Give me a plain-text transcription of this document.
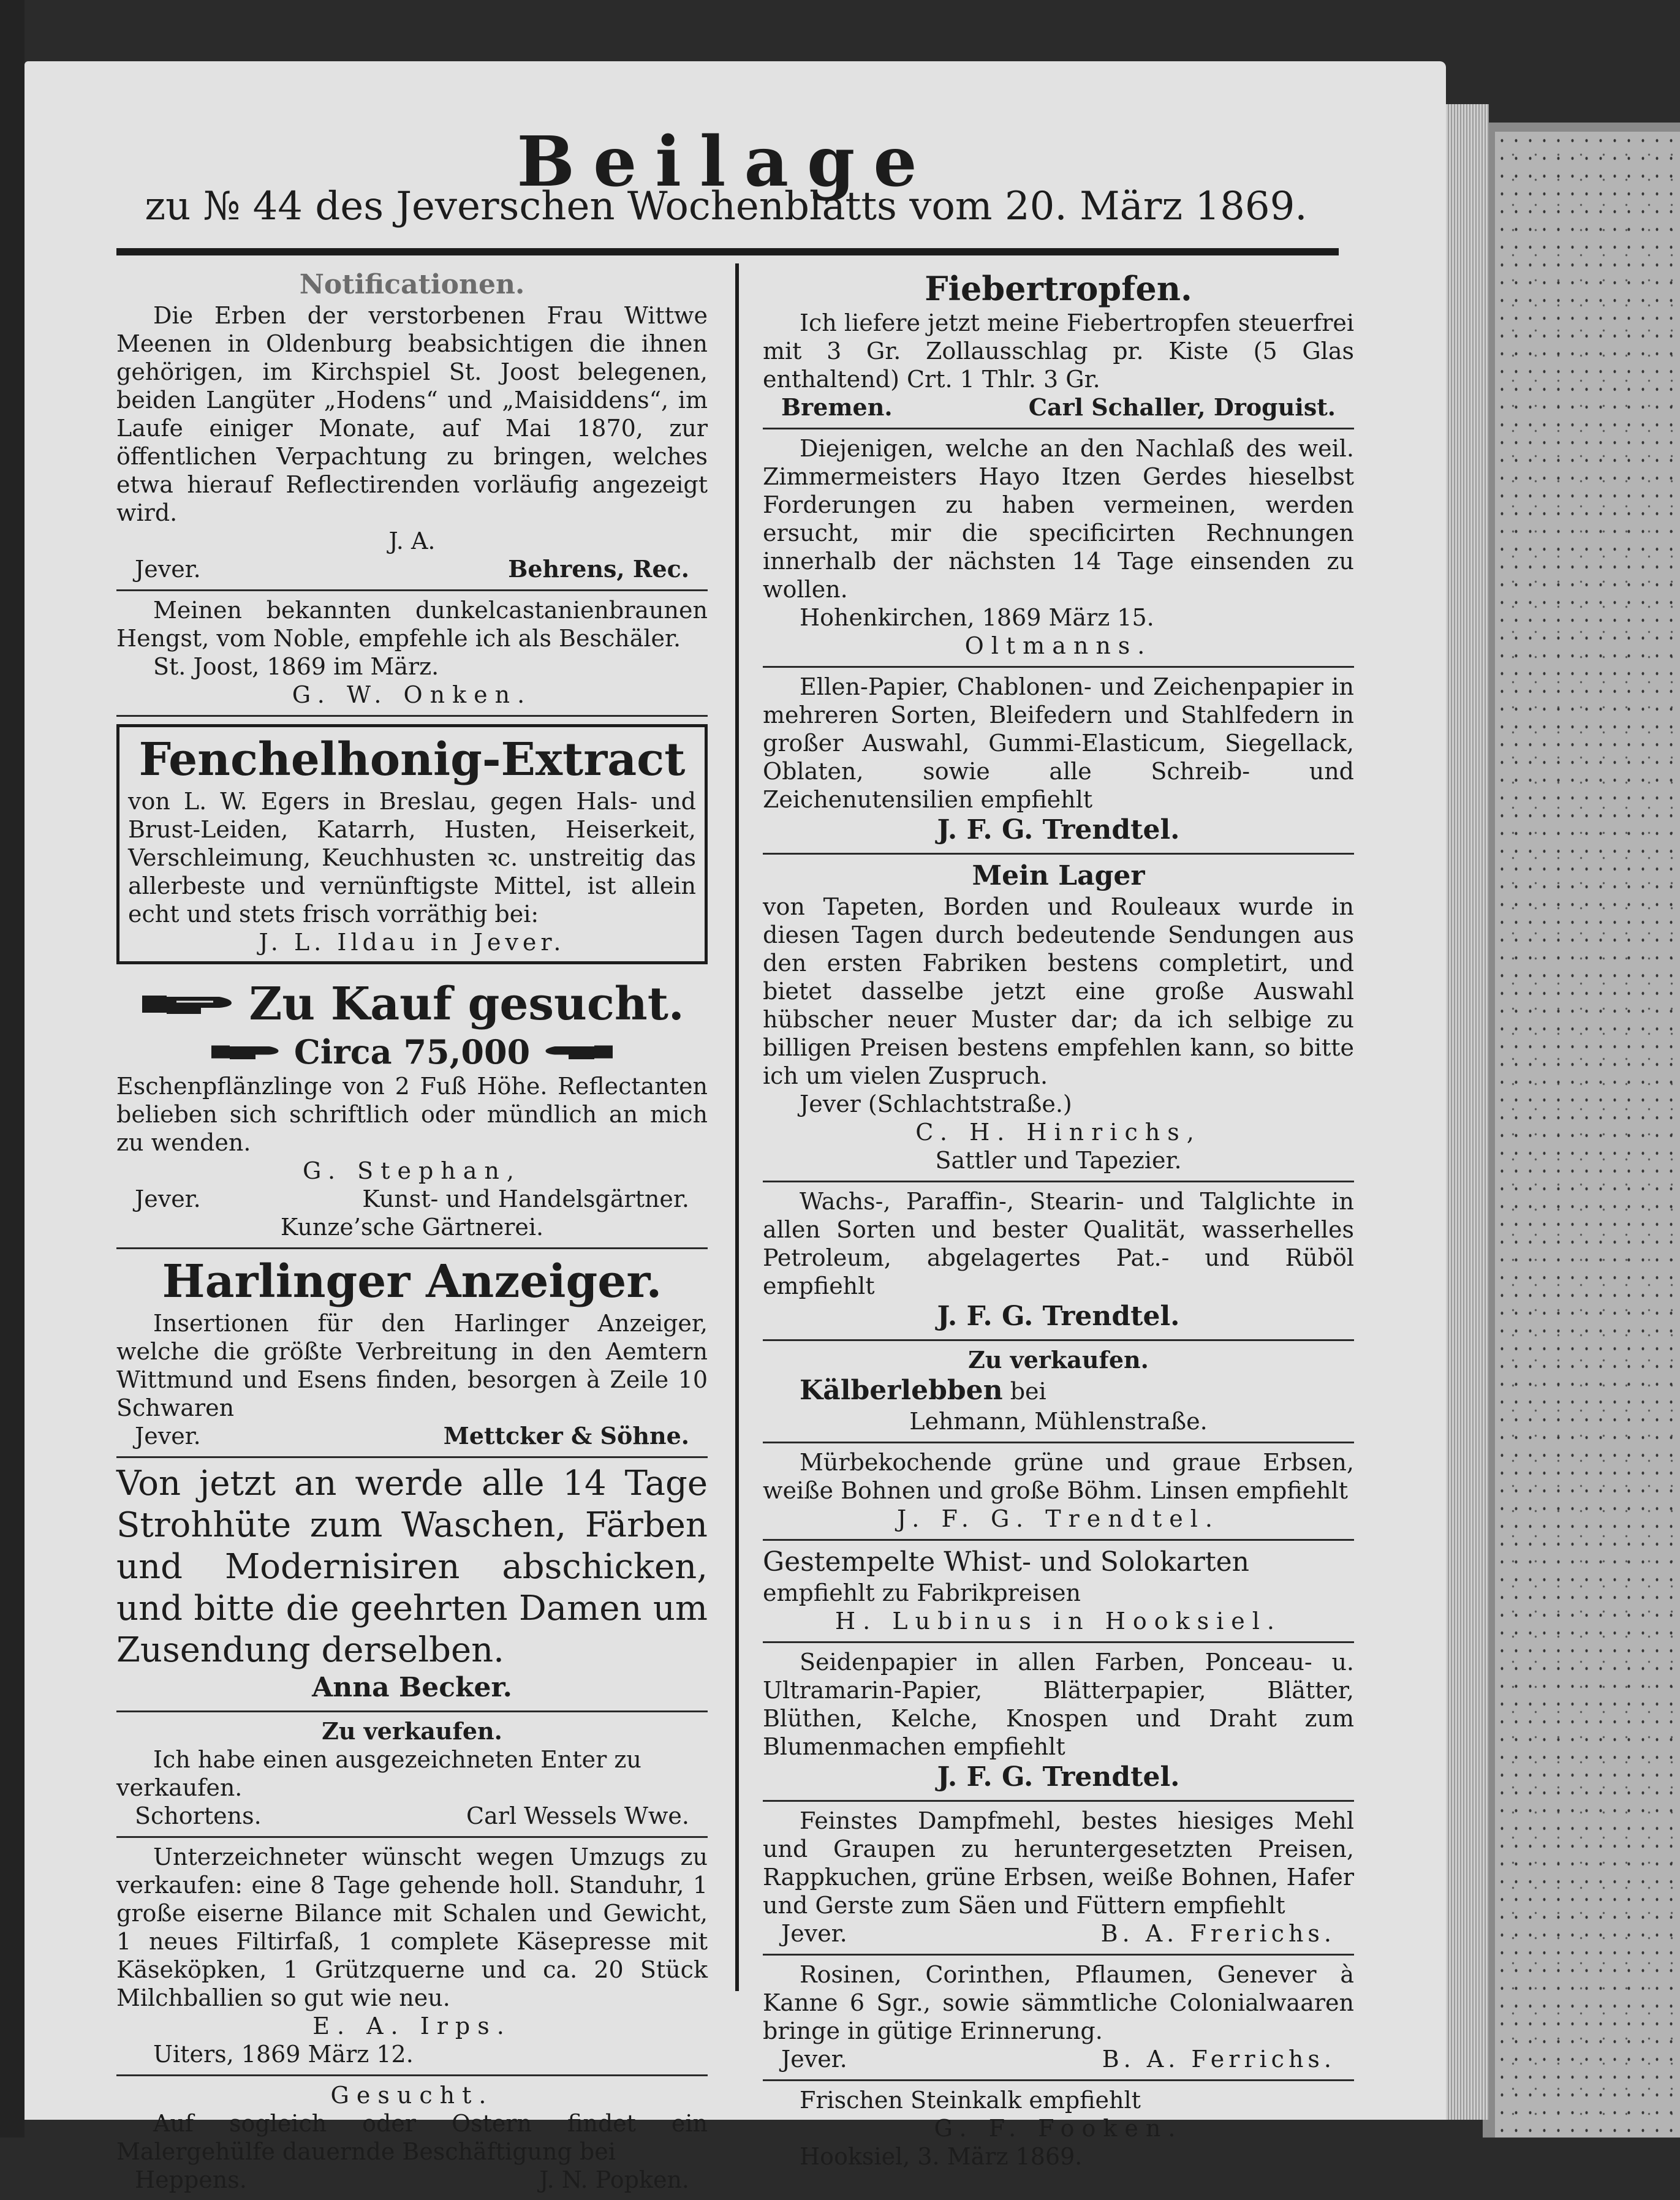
Beilage
zu № 44 des Jeverschen Wochenblatts vom 20. März 1869.
Notificationen.
Die Erben der verstorbenen Frau Wittwe Meenen in Oldenburg beabsichtigen die ihnen gehörigen, im Kirchspiel St. Joost belegenen, beiden Langüter „Hodens“ und „Maisiddens“, im Laufe einiger Monate, auf Mai 1870, zur öffentlichen Verpachtung zu bringen, welches etwa hierauf Reflectirenden vorläufig angezeigt wird.
J. A.
Jever.	Behrens, Rec.
Meinen bekannten dunkelcastanienbraunen Hengst, vom Noble, empfehle ich als Beschäler.
St. Joost, 1869 im März.
G. W. Onken.
Fenchelhonig-Extract
von L. W. Egers in Breslau, gegen Hals- und Brust-Leiden, Katarrh, Husten, Heiserkeit, Verschleimung, Keuchhusten ꝛc. unstreitig das allerbeste und vernünftigste Mittel, ist allein echt und stets frisch vorräthig bei:
J. L. Ildau in Jever.
Zu Kauf gesucht.
Circa 75,000
Eschenpflänzlinge von 2 Fuß Höhe. Reflectanten belieben sich schriftlich oder mündlich an mich zu wenden.
G. Stephan,
Jever.	Kunst- und Handelsgärtner.
Kunze’sche Gärtnerei.
Harlinger Anzeiger.
Insertionen für den Harlinger Anzeiger, welche die größte Verbreitung in den Aemtern Wittmund und Esens finden, besorgen à Zeile 10 Schwaren
Jever.	Mettcker & Söhne.
Von jetzt an werde alle 14 Tage Strohhüte zum Waschen, Färben und Modernisiren abschicken, und bitte die geehrten Damen um Zusendung derselben.
Anna Becker.
Zu verkaufen.
Ich habe einen ausgezeichneten Enter zu verkaufen.
Schortens.	Carl Wessels Wwe.
Unterzeichneter wünscht wegen Umzugs zu verkaufen: eine 8 Tage gehende holl. Standuhr, 1 große eiserne Bilance mit Schalen und Gewicht, 1 neues Filtirfaß, 1 complete Käsepresse mit Käseköpken, 1 Grützquerne und ca. 20 Stück Milchballien so gut wie neu.
E. A. Irps.
Uiters, 1869 März 12.
Gesucht.
Auf sogleich oder Ostern findet ein Malergehülfe dauernde Beschäftigung bei
Heppens.	J. N. Popken.
Fiebertropfen.
Ich liefere jetzt meine Fiebertropfen steuerfrei mit 3 Gr. Zollausschlag pr. Kiste (5 Glas enthaltend) Crt. 1 Thlr. 3 Gr.
Bremen.	Carl Schaller, Droguist.
Diejenigen, welche an den Nachlaß des weil. Zimmermeisters Hayo Itzen Gerdes hieselbst Forderungen zu haben vermeinen, werden ersucht, mir die specificirten Rechnungen innerhalb der nächsten 14 Tage einsenden zu wollen.
Hohenkirchen, 1869 März 15.
Oltmanns.
Ellen-Papier, Chablonen- und Zeichenpapier in mehreren Sorten, Bleifedern und Stahlfedern in großer Auswahl, Gummi-Elasticum, Siegellack, Oblaten, sowie alle Schreib- und Zeichenutensilien empfiehlt
J. F. G. Trendtel.
Mein Lager
von Tapeten, Borden und Rouleaux wurde in diesen Tagen durch bedeutende Sendungen aus den ersten Fabriken bestens completirt, und bietet dasselbe jetzt eine große Auswahl hübscher neuer Muster dar; da ich selbige zu billigen Preisen bestens empfehlen kann, so bitte ich um vielen Zuspruch.
Jever (Schlachtstraße.)
C. H. Hinrichs,
Sattler und Tapezier.
Wachs-, Paraffin-, Stearin- und Talglichte in allen Sorten und bester Qualität, wasserhelles Petroleum, abgelagertes Pat.- und Rüböl empfiehlt
J. F. G. Trendtel.
Zu verkaufen.
Kälberlebben bei
Lehmann, Mühlenstraße.
Mürbekochende grüne und graue Erbsen, weiße Bohnen und große Böhm. Linsen empfiehlt
J. F. G. Trendtel.
Gestempelte Whist- und Solokarten
empfiehlt zu Fabrikpreisen
H. Lubinus in Hooksiel.
Seidenpapier in allen Farben, Ponceau- u. Ultramarin-Papier, Blätterpapier, Blätter, Blüthen, Kelche, Knospen und Draht zum Blumenmachen empfiehlt
J. F. G. Trendtel.
Feinstes Dampfmehl, bestes hiesiges Mehl und Graupen zu heruntergesetzten Preisen, Rappkuchen, grüne Erbsen, weiße Bohnen, Hafer und Gerste zum Säen und Füttern empfiehlt
Jever.	B. A. Frerichs.
Rosinen, Corinthen, Pflaumen, Genever à Kanne 6 Sgr., sowie sämmtliche Colonialwaaren bringe in gütige Erinnerung.
Jever.	B. A. Ferrichs.
Frischen Steinkalk empfiehlt
G. F. Fooken.
Hooksiel, 3. März 1869.
